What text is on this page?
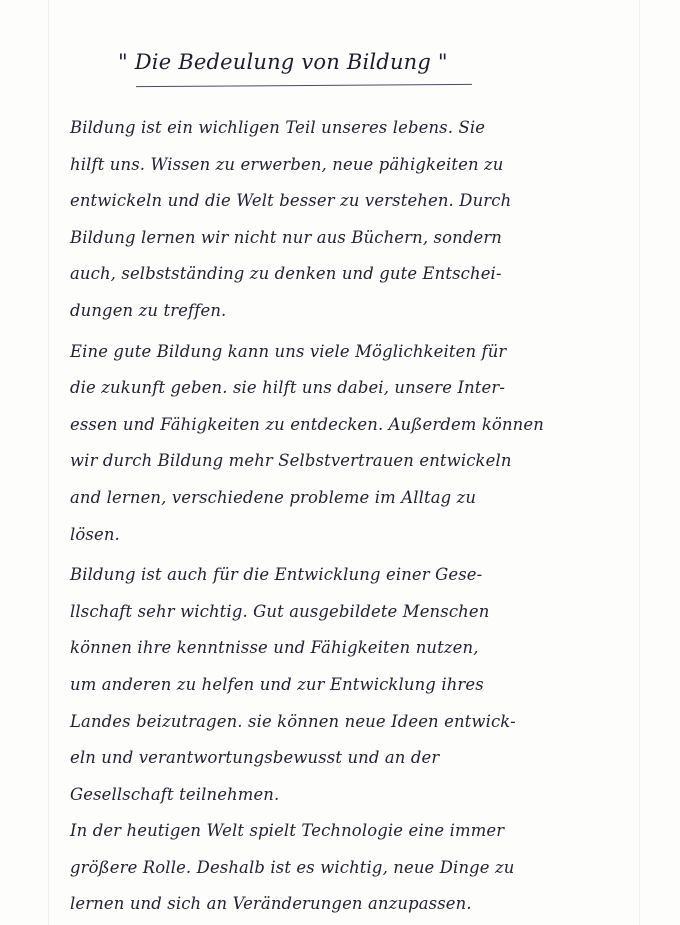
" Die Bedeulung von Bildung "
Bildung ist ein wichligen Teil unseres lebens. Sie
hilft uns. Wissen zu erwerben, neue pähigkeiten zu
entwickeln und die Welt besser zu verstehen. Durch
Bildung lernen wir nicht nur aus Büchern, sondern
auch, selbstständing zu denken und gute Entschei-
dungen zu treffen.
Eine gute Bildung kann uns viele Möglichkeiten für
die zukunft geben. sie hilft uns dabei, unsere Inter-
essen und Fähigkeiten zu entdecken. Außerdem können
wir durch Bildung mehr Selbstvertrauen entwickeln
and lernen, verschiedene probleme im Alltag zu
lösen.
Bildung ist auch für die Entwicklung einer Gese-
llschaft sehr wichtig. Gut ausgebildete Menschen
können ihre kenntnisse und Fähigkeiten nutzen,
um anderen zu helfen und zur Entwicklung ihres
Landes beizutragen. sie können neue Ideen entwick-
eln und verantwortungsbewusst und an der
Gesellschaft teilnehmen.
In der heutigen Welt spielt Technologie eine immer
größere Rolle. Deshalb ist es wichtig, neue Dinge zu
lernen und sich an Veränderungen anzupassen.
